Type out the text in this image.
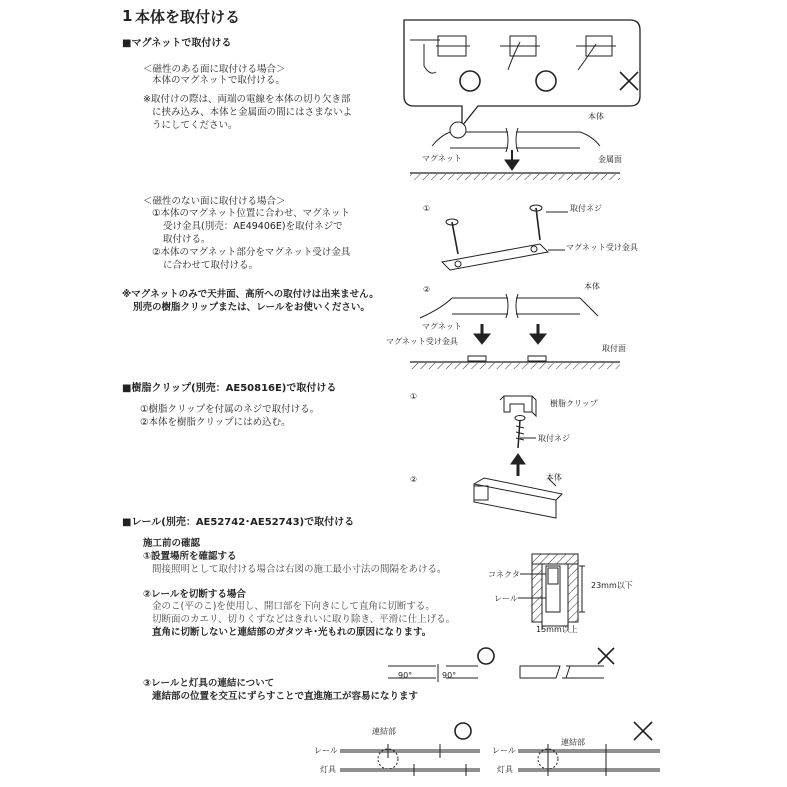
1 本体を取付ける
■マグネットで取付ける
＜磁性のある面に取付ける場合＞
本体のマグネットで取付ける。
※取付けの際は、両端の電線を本体の切り欠き部
に挟み込み、本体と金属面の間にはさまないよ
うにしてください。
＜磁性のない面に取付ける場合＞
①本体のマグネット位置に合わせ、マグネット
受け金具(別売：AE49406E)を取付ネジで
取付ける。
②本体のマグネット部分をマグネット受け金具
に合わせて取付ける。
※マグネットのみで天井面、高所への取付けは出来ません。
別売の樹脂クリップまたは、レールをお使いください。
■樹脂クリップ(別売：AE50816E)で取付ける
①樹脂クリップを付属のネジで取付ける。
②本体を樹脂クリップにはめ込む。
■レール(別売：AE52742･AE52743)で取付ける
施工前の確認
①設置場所を確認する
間接照明として取付ける場合は右図の施工最小寸法の間隔をあける。
②レールを切断する場合
金のこ(平のこ)を使用し、開口部を下向きにして直角に切断する。
切断面のカエリ、切りくずなどはきれいに取り除き、平滑に仕上げる。
直角に切断しないと連結部のガタツキ･光もれの原因になります。
③レールと灯具の連結について
連結部の位置を交互にずらすことで直進施工が容易になります
本体
マグネット	金属面
①	取付ネジ
マグネット受け金具
②	本体
マグネット
マグネット受け金具
取付面
①
樹脂クリップ
取付ネジ
②	本体
コネクタ
レール
23mm以下
15mm以上
90°	90°
連結部
レール
灯具
連結部
レール
灯具
